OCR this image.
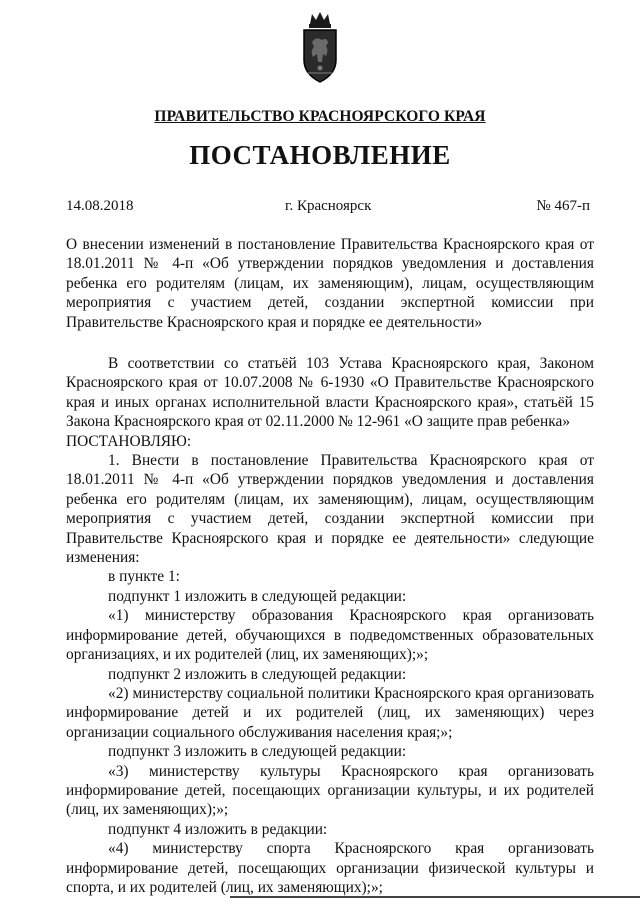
ПРАВИТЕЛЬСТВО КРАСНОЯРСКОГО КРАЯ
ПОСТАНОВЛЕНИЕ
14.08.2018	г. Красноярск	№ 467-п
О внесении изменений в постановление Правительства Красноярского края от 18.01.2011 № 4-п «Об утверждении порядков уведомления и доставления ребенка его родителям (лицам, их заменяющим), лицам, осуществляющим мероприятия с участием детей, создании экспертной комиссии при Правительстве Красноярского края и порядке ее деятельности»

В соответствии со статьёй 103 Устава Красноярского края, Законом Красноярского края от 10.07.2008 № 6-1930 «О Правительстве Красноярского края и иных органах исполнительной власти Красноярского края», статьёй 15 Закона Красноярского края от 02.11.2000 № 12-961 «О защите прав ребенка»

ПОСТАНОВЛЯЮ:

1. Внести в постановление Правительства Красноярского края от 18.01.2011 № 4-п «Об утверждении порядков уведомления и доставления ребенка его родителям (лицам, их заменяющим), лицам, осуществляющим мероприятия с участием детей, создании экспертной комиссии при Правительстве Красноярского края и порядке ее деятельности» следующие изменения:

в пункте 1:

подпункт 1 изложить в следующей редакции:

«1) министерству образования Красноярского края организовать информирование детей, обучающихся в подведомственных образовательных организациях, и их родителей (лиц, их заменяющих);»;

подпункт 2 изложить в следующей редакции:

«2) министерству социальной политики Красноярского края организовать информирование детей и их родителей (лиц, их заменяющих) через организации социального обслуживания населения края;»;

подпункт 3 изложить в следующей редакции:

«3) министерству культуры Красноярского края организовать информирование детей, посещающих организации культуры, и их родителей (лиц, их заменяющих);»;

подпункт 4 изложить в редакции:

«4) министерству спорта Красноярского края организовать информирование детей, посещающих организации физической культуры и спорта, и их родителей (лиц, их заменяющих);»;
